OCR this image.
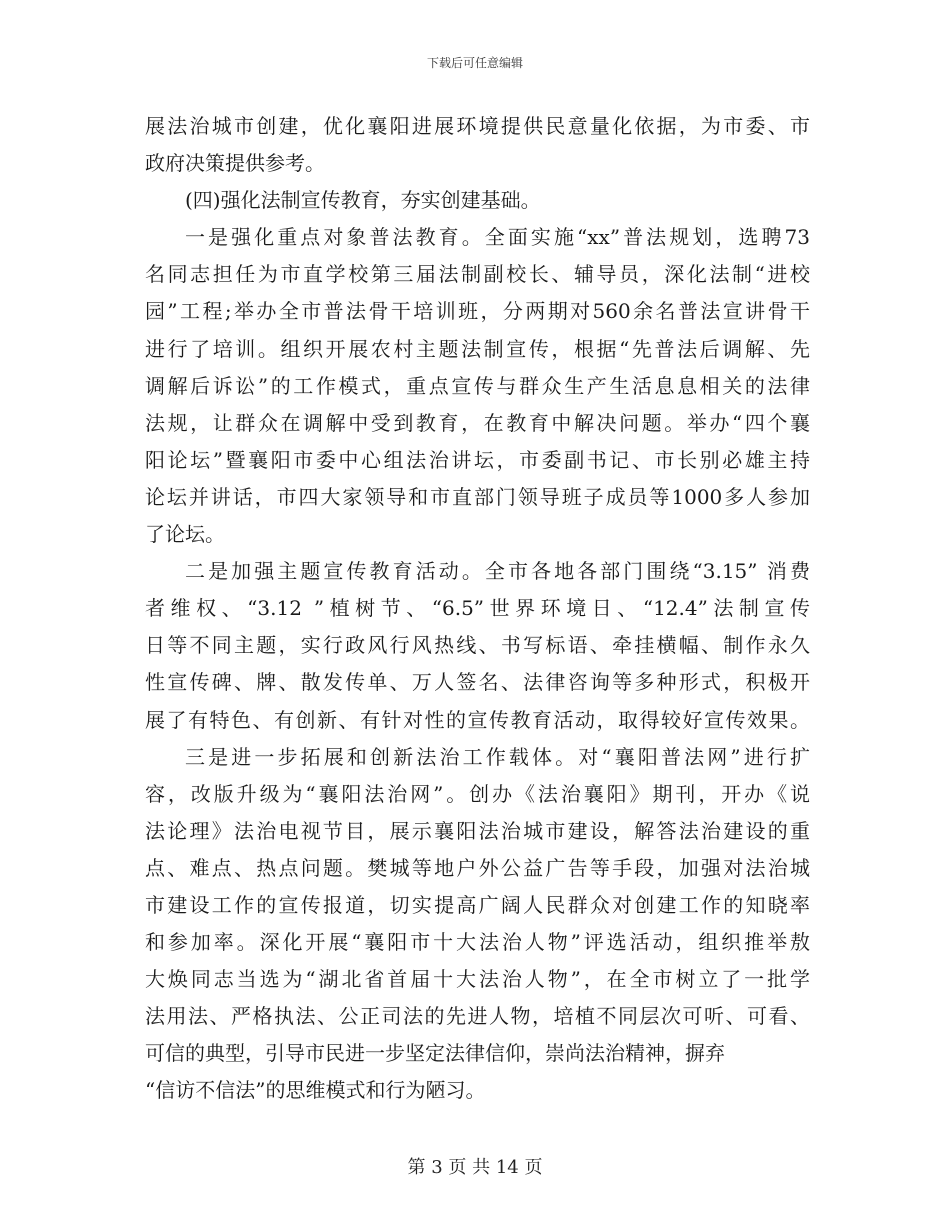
下载后可任意编辑
展法治城市创建，优化襄阳进展环境提供民意量化依据，为市委、市
政府决策提供参考。
(四)强化法制宣传教育，夯实创建基础。
一是强化重点对象普法教育。全面实施“xx”普法规划，选聘73
名同志担任为市直学校第三届法制副校长、辅导员，深化法制“进校
园”工程;举办全市普法骨干培训班，分两期对560余名普法宣讲骨干
进行了培训。组织开展农村主题法制宣传，根据“先普法后调解、先
调解后诉讼”的工作模式，重点宣传与群众生产生活息息相关的法律
法规，让群众在调解中受到教育，在教育中解决问题。举办“四个襄
阳论坛”暨襄阳市委中心组法治讲坛，市委副书记、市长别必雄主持
论坛并讲话，市四大家领导和市直部门领导班子成员等1000多人参加
了论坛。
二是加强主题宣传教育活动。全市各地各部门围绕“3.15” 消费
者维权、“3.12 ”植树节、“6.5”世界环境日、“12.4”法制宣传
日等不同主题，实行政风行风热线、书写标语、牵挂横幅、制作永久
性宣传碑、牌、散发传单、万人签名、法律咨询等多种形式，积极开
展了有特色、有创新、有针对性的宣传教育活动，取得较好宣传效果。
三是进一步拓展和创新法治工作载体。对“襄阳普法网”进行扩
容，改版升级为“襄阳法治网”。创办《法治襄阳》期刊，开办《说
法论理》法治电视节目，展示襄阳法治城市建设，解答法治建设的重
点、难点、热点问题。樊城等地户外公益广告等手段，加强对法治城
市建设工作的宣传报道，切实提高广阔人民群众对创建工作的知晓率
和参加率。深化开展“襄阳市十大法治人物”评选活动，组织推举敖
大焕同志当选为“湖北省首届十大法治人物”，在全市树立了一批学
法用法、严格执法、公正司法的先进人物，培植不同层次可听、可看、
可信的典型，引导市民进一步坚定法律信仰，崇尚法治精神，摒弃
“信访不信法”的思维模式和行为陋习。
第 3 页 共 14 页
